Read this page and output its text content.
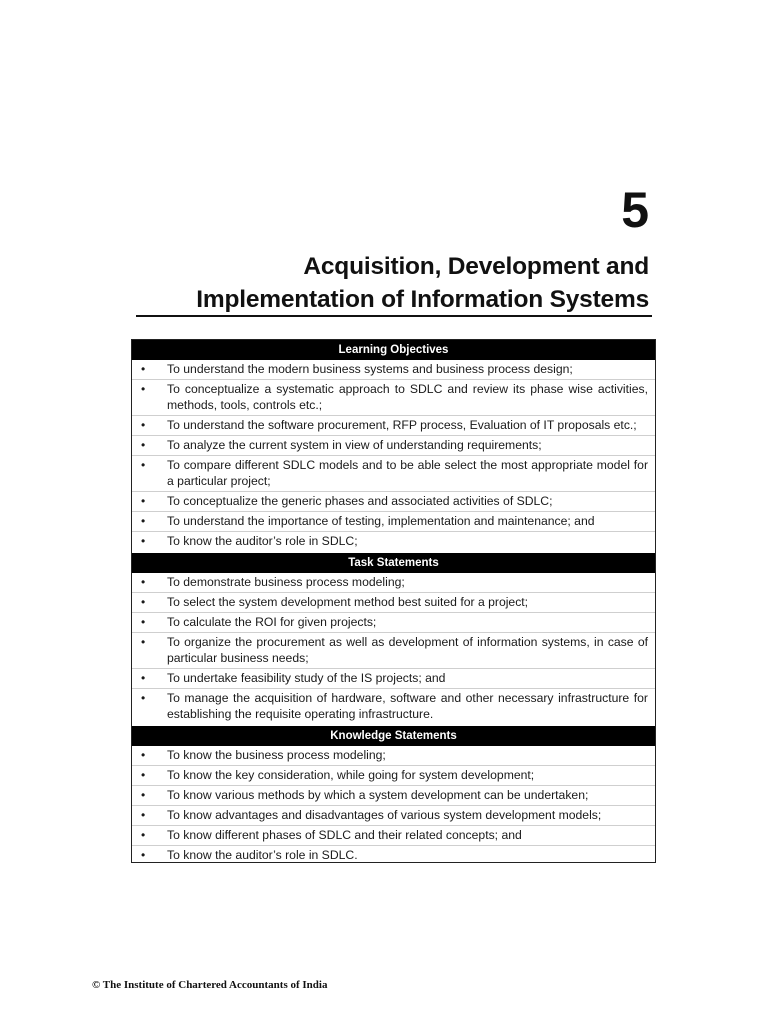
5
Acquisition, Development and
Implementation of Information Systems
Learning Objectives
• To understand the modern business systems and business process design;
• To conceptualize a systematic approach to SDLC and review its phase wise activities, methods, tools, controls etc.;
• To understand the software procurement, RFP process, Evaluation of IT proposals etc.;
• To analyze the current system in view of understanding requirements;
• To compare different SDLC models and to be able select the most appropriate model for a particular project;
• To conceptualize the generic phases and associated activities of SDLC;
• To understand the importance of testing, implementation and maintenance; and
• To know the auditor’s role in SDLC;
Task Statements
• To demonstrate business process modeling;
• To select the system development method best suited for a project;
• To calculate the ROI for given projects;
• To organize the procurement as well as development of information systems, in case of particular business needs;
• To undertake feasibility study of the IS projects; and
• To manage the acquisition of hardware, software and other necessary infrastructure for establishing the requisite operating infrastructure.
Knowledge Statements
• To know the business process modeling;
• To know the key consideration, while going for system development;
• To know various methods by which a system development can be undertaken;
• To know advantages and disadvantages of various system development models;
• To know different phases of SDLC and their related concepts; and
• To know the auditor’s role in SDLC.
© The Institute of Chartered Accountants of India
